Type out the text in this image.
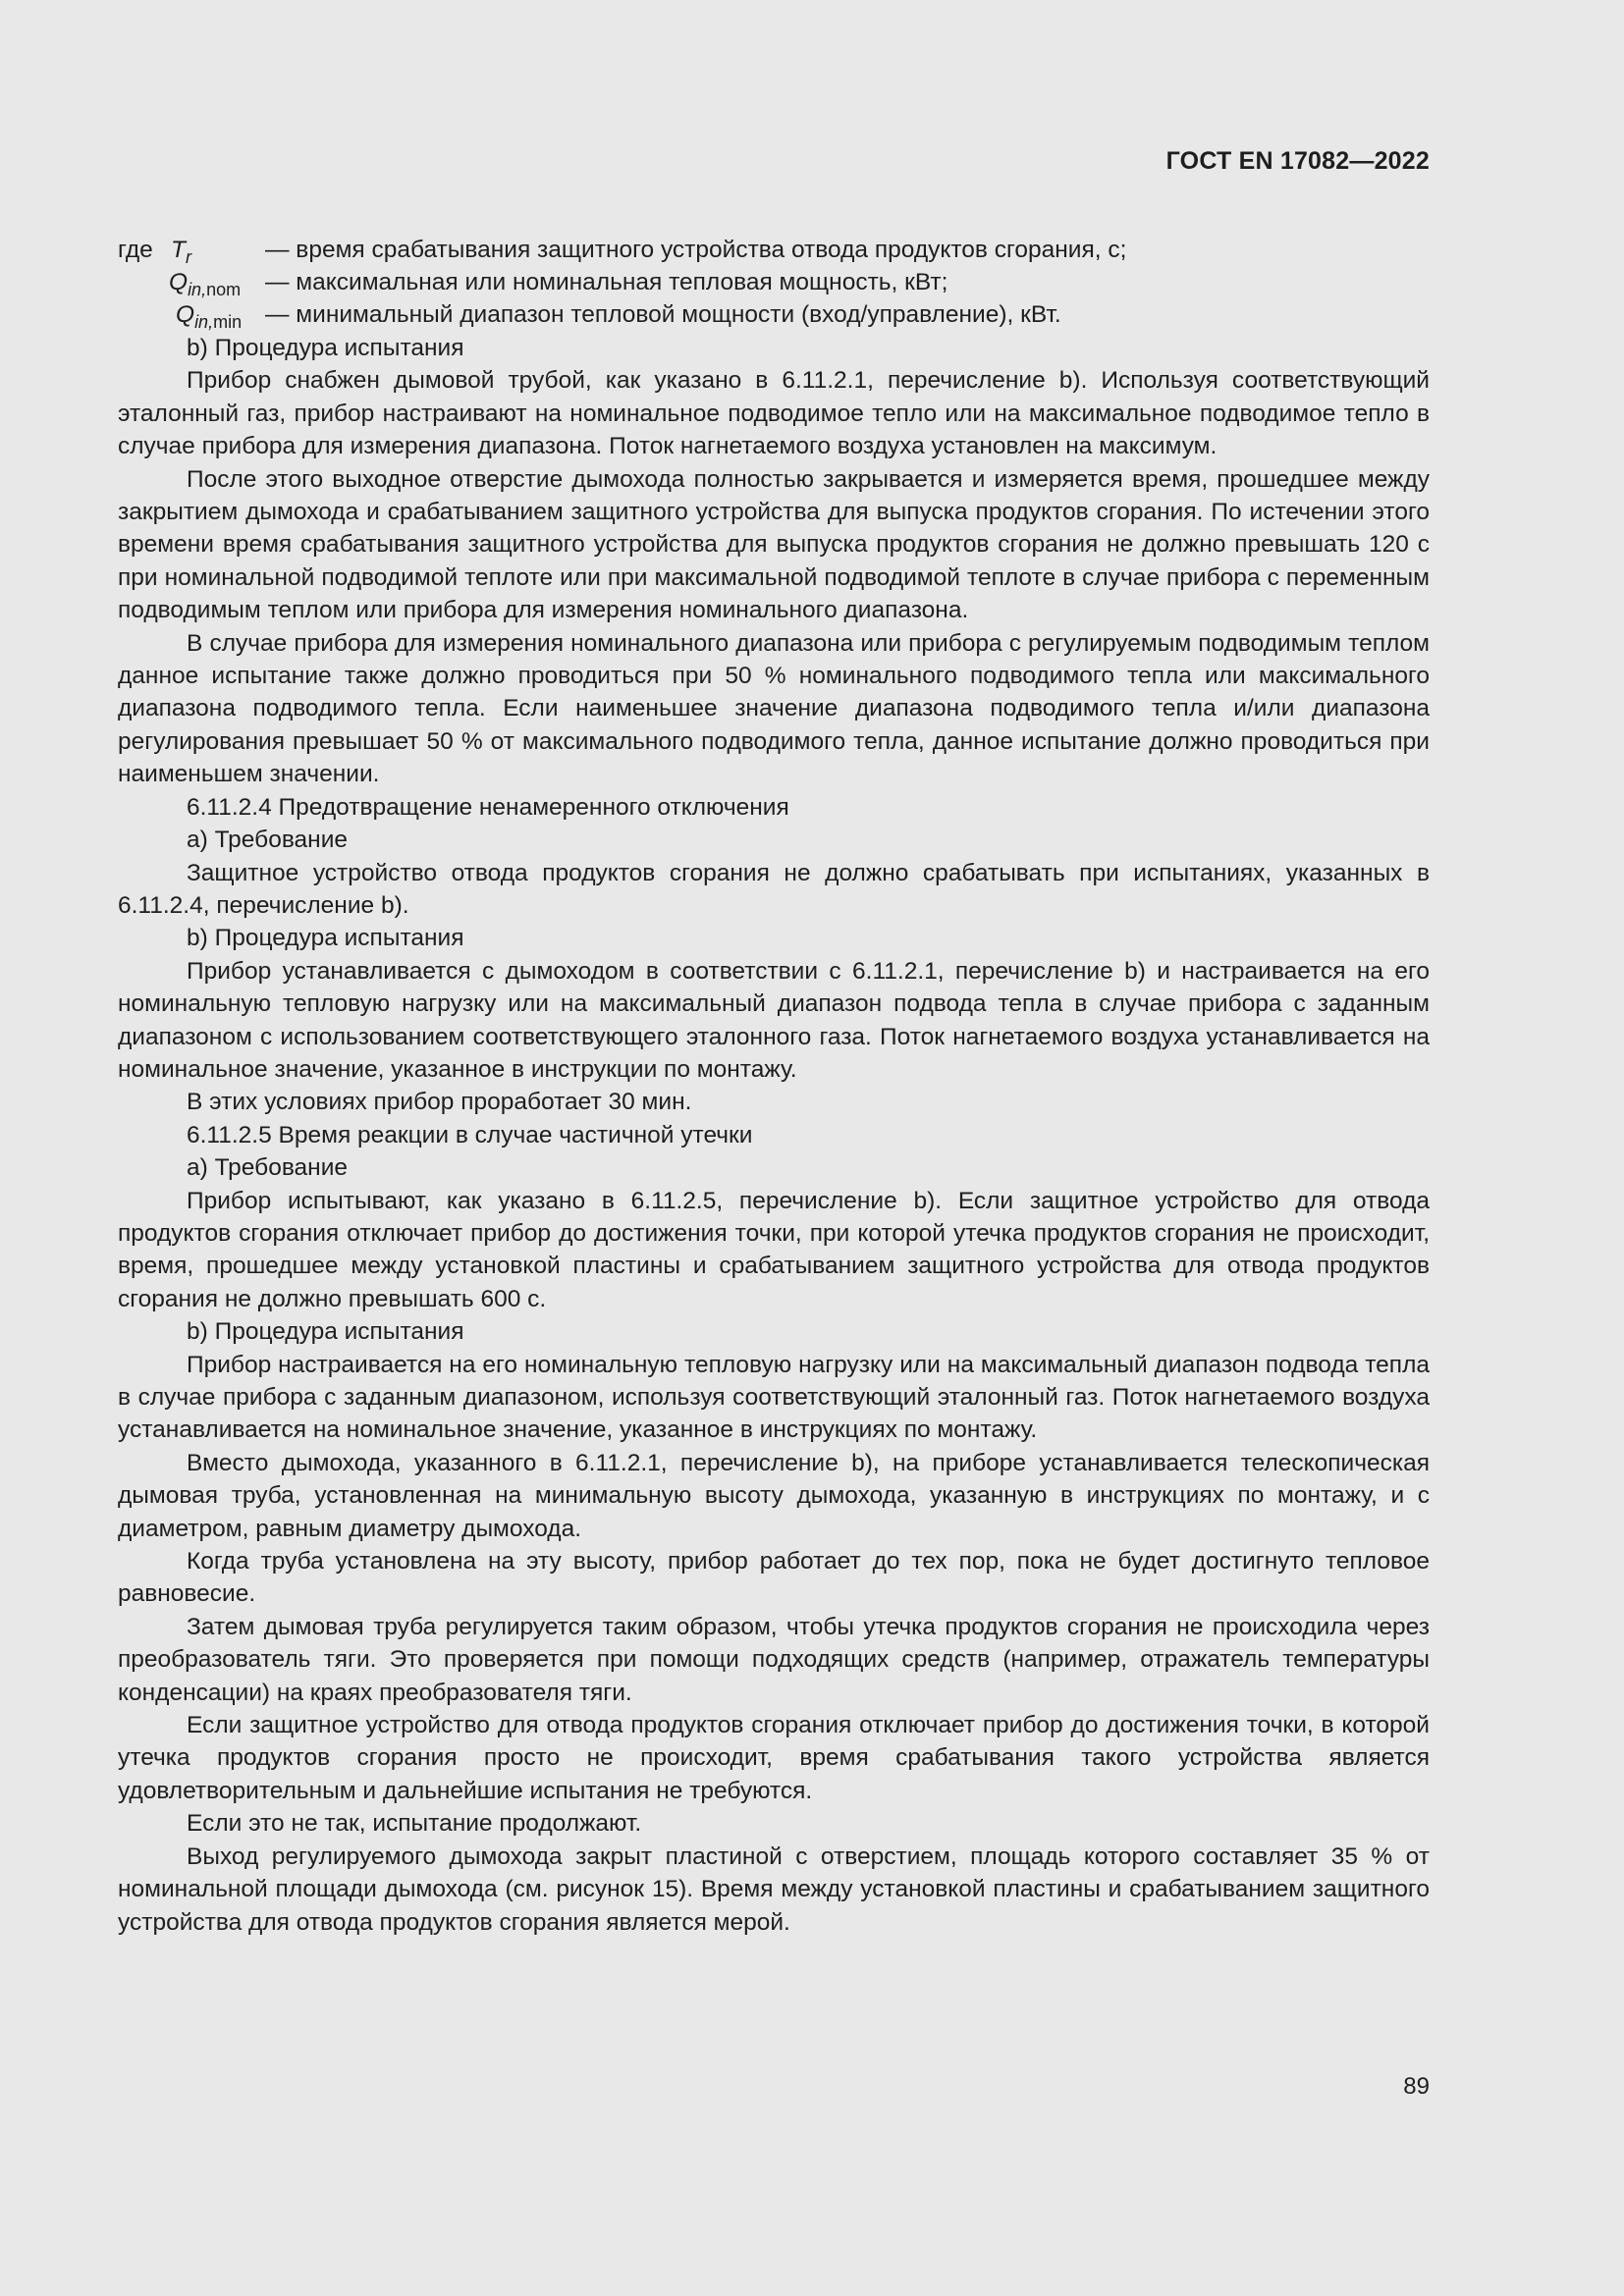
ГОСТ EN 17082—2022
где $T_r$	— время срабатывания защитного устройства отвода продуктов сгорания, с;
$Q_{in,nom}$ — максимальная или номинальная тепловая мощность, кВт;
$Q_{in,min}$ — минимальный диапазон тепловой мощности (вход/управление), кВт.

b) Процедура испытания

Прибор снабжен дымовой трубой, как указано в 6.11.2.1, перечисление b). Используя соответствующий эталонный газ, прибор настраивают на номинальное подводимое тепло или на максимальное подводимое тепло в случае прибора для измерения диапазона. Поток нагнетаемого воздуха установлен на максимум.

После этого выходное отверстие дымохода полностью закрывается и измеряется время, прошедшее между закрытием дымохода и срабатыванием защитного устройства для выпуска продуктов сгорания. По истечении этого времени время срабатывания защитного устройства для выпуска продуктов сгорания не должно превышать 120 с при номинальной подводимой теплоте или при максимальной подводимой теплоте в случае прибора с переменным подводимым теплом или прибора для измерения номинального диапазона.

В случае прибора для измерения номинального диапазона или прибора с регулируемым подводимым теплом данное испытание также должно проводиться при 50 % номинального подводимого тепла или максимального диапазона подводимого тепла. Если наименьшее значение диапазона подводимого тепла и/или диапазона регулирования превышает 50 % от максимального подводимого тепла, данное испытание должно проводиться при наименьшем значении.

6.11.2.4 Предотвращение ненамеренного отключения

a) Требование

Защитное устройство отвода продуктов сгорания не должно срабатывать при испытаниях, указанных в 6.11.2.4, перечисление b).

b) Процедура испытания

Прибор устанавливается с дымоходом в соответствии с 6.11.2.1, перечисление b) и настраивается на его номинальную тепловую нагрузку или на максимальный диапазон подвода тепла в случае прибора с заданным диапазоном с использованием соответствующего эталонного газа. Поток нагнетаемого воздуха устанавливается на номинальное значение, указанное в инструкции по монтажу.

В этих условиях прибор проработает 30 мин.

6.11.2.5 Время реакции в случае частичной утечки

a) Требование

Прибор испытывают, как указано в 6.11.2.5, перечисление b). Если защитное устройство для отвода продуктов сгорания отключает прибор до достижения точки, при которой утечка продуктов сгорания не происходит, время, прошедшее между установкой пластины и срабатыванием защитного устройства для отвода продуктов сгорания не должно превышать 600 с.

b) Процедура испытания

Прибор настраивается на его номинальную тепловую нагрузку или на максимальный диапазон подвода тепла в случае прибора с заданным диапазоном, используя соответствующий эталонный газ. Поток нагнетаемого воздуха устанавливается на номинальное значение, указанное в инструкциях по монтажу.

Вместо дымохода, указанного в 6.11.2.1, перечисление b), на приборе устанавливается телескопическая дымовая труба, установленная на минимальную высоту дымохода, указанную в инструкциях по монтажу, и с диаметром, равным диаметру дымохода.

Когда труба установлена на эту высоту, прибор работает до тех пор, пока не будет достигнуто тепловое равновесие.

Затем дымовая труба регулируется таким образом, чтобы утечка продуктов сгорания не происходила через преобразователь тяги. Это проверяется при помощи подходящих средств (например, отражатель температуры конденсации) на краях преобразователя тяги.

Если защитное устройство для отвода продуктов сгорания отключает прибор до достижения точки, в которой утечка продуктов сгорания просто не происходит, время срабатывания такого устройства является удовлетворительным и дальнейшие испытания не требуются.

Если это не так, испытание продолжают.

Выход регулируемого дымохода закрыт пластиной с отверстием, площадь которого составляет 35 % от номинальной площади дымохода (см. рисунок 15). Время между установкой пластины и срабатыванием защитного устройства для отвода продуктов сгорания является мерой.

89
